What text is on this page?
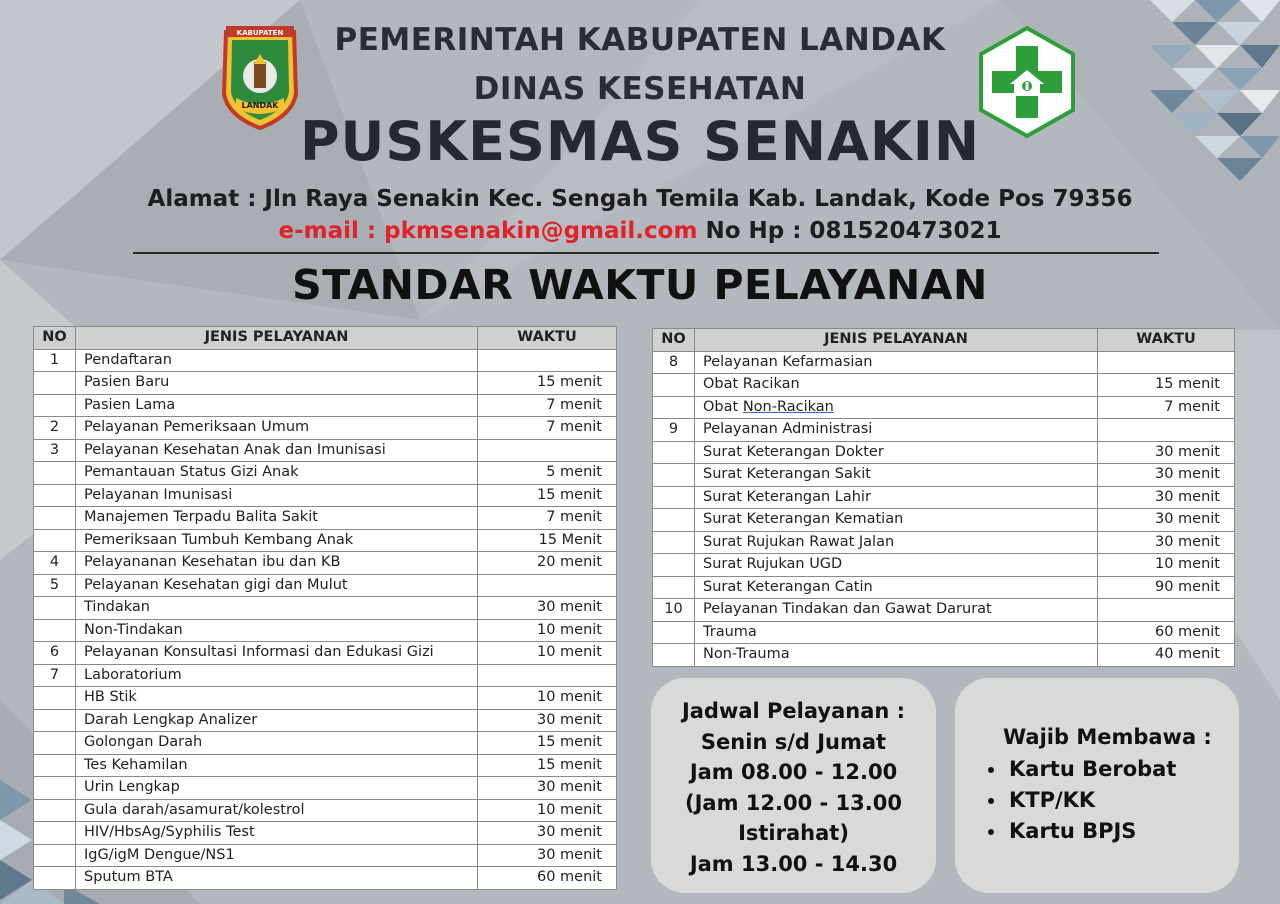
KABUPATEN
LANDAK
PEMERINTAH KABUPATEN LANDAK
DINAS KESEHATAN
PUSKESMAS SENAKIN
Alamat : Jln Raya Senakin Kec. Sengah Temila Kab. Landak, Kode Pos 79356
e-mail : pkmsenakin@gmail.com No Hp : 081520473021
STANDAR WAKTU PELAYANAN
NO	JENIS PELAYANAN	WAKTU
1	Pendaftaran	
	Pasien Baru	15 menit
	Pasien Lama	7 menit
2	Pelayanan Pemeriksaan Umum	7 menit
3	Pelayanan Kesehatan Anak dan Imunisasi	
	Pemantauan Status Gizi Anak	5 menit
	Pelayanan Imunisasi	15 menit
	Manajemen Terpadu Balita Sakit	7 menit
	Pemeriksaan Tumbuh Kembang Anak	15 Menit
4	Pelayananan Kesehatan ibu dan KB	20 menit
5	Pelayanan Kesehatan gigi dan Mulut	
	Tindakan	30 menit
	Non-Tindakan	10 menit
6	Pelayanan Konsultasi Informasi dan Edukasi Gizi	10 menit
7	Laboratorium	
	HB Stik	10 menit
	Darah Lengkap Analizer	30 menit
	Golongan Darah	15 menit
	Tes Kehamilan	15 menit
	Urin Lengkap	30 menit
	Gula darah/asamurat/kolestrol	10 menit
	HIV/HbsAg/Syphilis Test	30 menit
	IgG/igM Dengue/NS1	30 menit
	Sputum BTA	60 menit
NO	JENIS PELAYANAN	WAKTU
8	Pelayanan Kefarmasian	
	Obat Racikan	15 menit
	Obat Non-Racikan	7 menit
9	Pelayanan Administrasi	
	Surat Keterangan Dokter	30 menit
	Surat Keterangan Sakit	30 menit
	Surat Keterangan Lahir	30 menit
	Surat Keterangan Kematian	30 menit
	Surat Rujukan Rawat Jalan	30 menit
	Surat Rujukan UGD	10 menit
	Surat Keterangan Catin	90 menit
10	Pelayanan Tindakan dan Gawat Darurat	
	Trauma	60 menit
	Non-Trauma	40 menit
Jadwal Pelayanan :
Senin s/d Jumat
Jam 08.00 - 12.00
(Jam 12.00 - 13.00
Istirahat)
Jam 13.00 - 14.30
Wajib Membawa :
• Kartu Berobat
• KTP/KK
• Kartu BPJS
